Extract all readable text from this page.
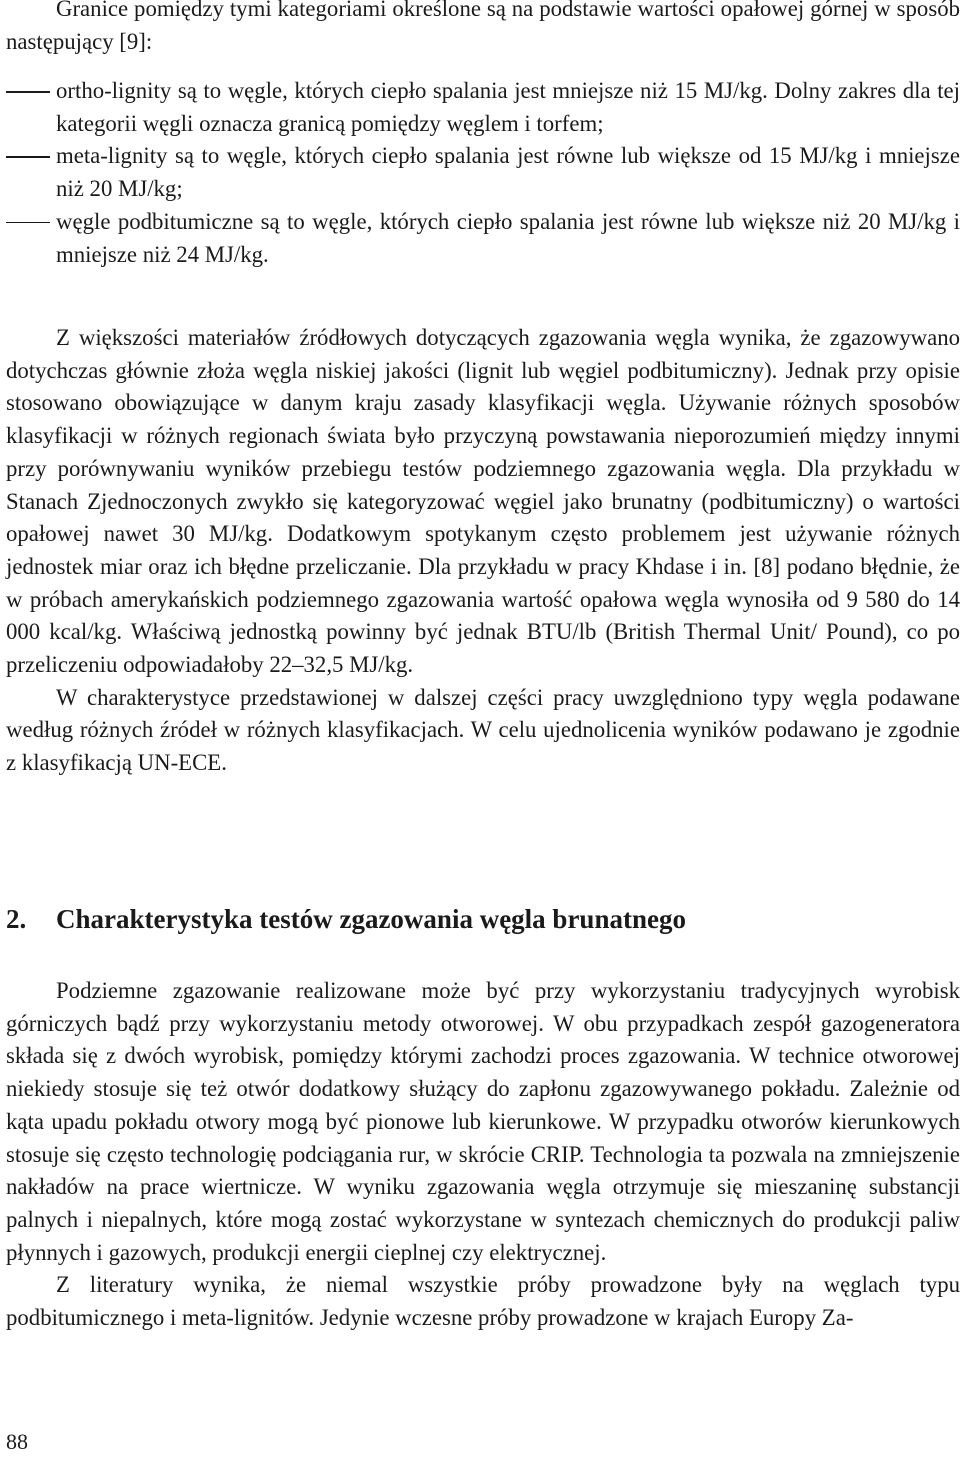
Granice pomiędzy tymi kategoriami określone są na podstawie wartości opałowej górnej w sposób następujący [9]:

ortho-lignity są to węgle, których ciepło spalania jest mniejsze niż 15 MJ/kg. Dolny zakres dla tej kategorii węgli oznacza granicą pomiędzy węglem i torfem;

meta-lignity są to węgle, których ciepło spalania jest równe lub większe od 15 MJ/kg i mniejsze niż 20 MJ/kg;

węgle podbitumiczne są to węgle, których ciepło spalania jest równe lub większe niż 20 MJ/kg i mniejsze niż 24 MJ/kg.

Z większości materiałów źródłowych dotyczących zgazowania węgla wynika, że zgazowywano dotychczas głównie złoża węgla niskiej jakości (lignit lub węgiel podbitumiczny). Jednak przy opisie stosowano obowiązujące w danym kraju zasady klasyfikacji węgla. Używanie różnych sposobów klasyfikacji w różnych regionach świata było przyczyną powstawania nieporozumień między innymi przy porównywaniu wyników przebiegu testów podziemnego zgazowania węgla. Dla przykładu w Stanach Zjednoczonych zwykło się kategoryzować węgiel jako brunatny (podbitumiczny) o wartości opałowej nawet 30 MJ/kg. Dodatkowym spotykanym często problemem jest używanie różnych jednostek miar oraz ich błędne przeliczanie. Dla przykładu w pracy Khdase i in. [8] podano błędnie, że w próbach amerykańskich podziemnego zgazowania wartość opałowa węgla wynosiła od 9 580 do 14 000 kcal/kg. Właściwą jednostką powinny być jednak BTU/lb (British Thermal Unit/ Pound), co po przeliczeniu odpowiadałoby 22–32,5 MJ/kg.

W charakterystyce przedstawionej w dalszej części pracy uwzględniono typy węgla podawane według różnych źródeł w różnych klasyfikacjach. W celu ujednolicenia wyników podawano je zgodnie z klasyfikacją UN-ECE.

2. Charakterystyka testów zgazowania węgla brunatnego

Podziemne zgazowanie realizowane może być przy wykorzystaniu tradycyjnych wyrobisk górniczych bądź przy wykorzystaniu metody otworowej. W obu przypadkach zespół gazogeneratora składa się z dwóch wyrobisk, pomiędzy którymi zachodzi proces zgazowania. W technice otworowej niekiedy stosuje się też otwór dodatkowy służący do zapłonu zgazowywanego pokładu. Zależnie od kąta upadu pokładu otwory mogą być pionowe lub kierunkowe. W przypadku otworów kierunkowych stosuje się często technologię podciągania rur, w skrócie CRIP. Technologia ta pozwala na zmniejszenie nakładów na prace wiertnicze. W wyniku zgazowania węgla otrzymuje się mieszaninę substancji palnych i niepalnych, które mogą zostać wykorzystane w syntezach chemicznych do produkcji paliw płynnych i gazowych, produkcji energii cieplnej czy elektrycznej.

Z literatury wynika, że niemal wszystkie próby prowadzone były na węglach typu podbitumicznego i meta-lignitów. Jedynie wczesne próby prowadzone w krajach Europy Za-

88
